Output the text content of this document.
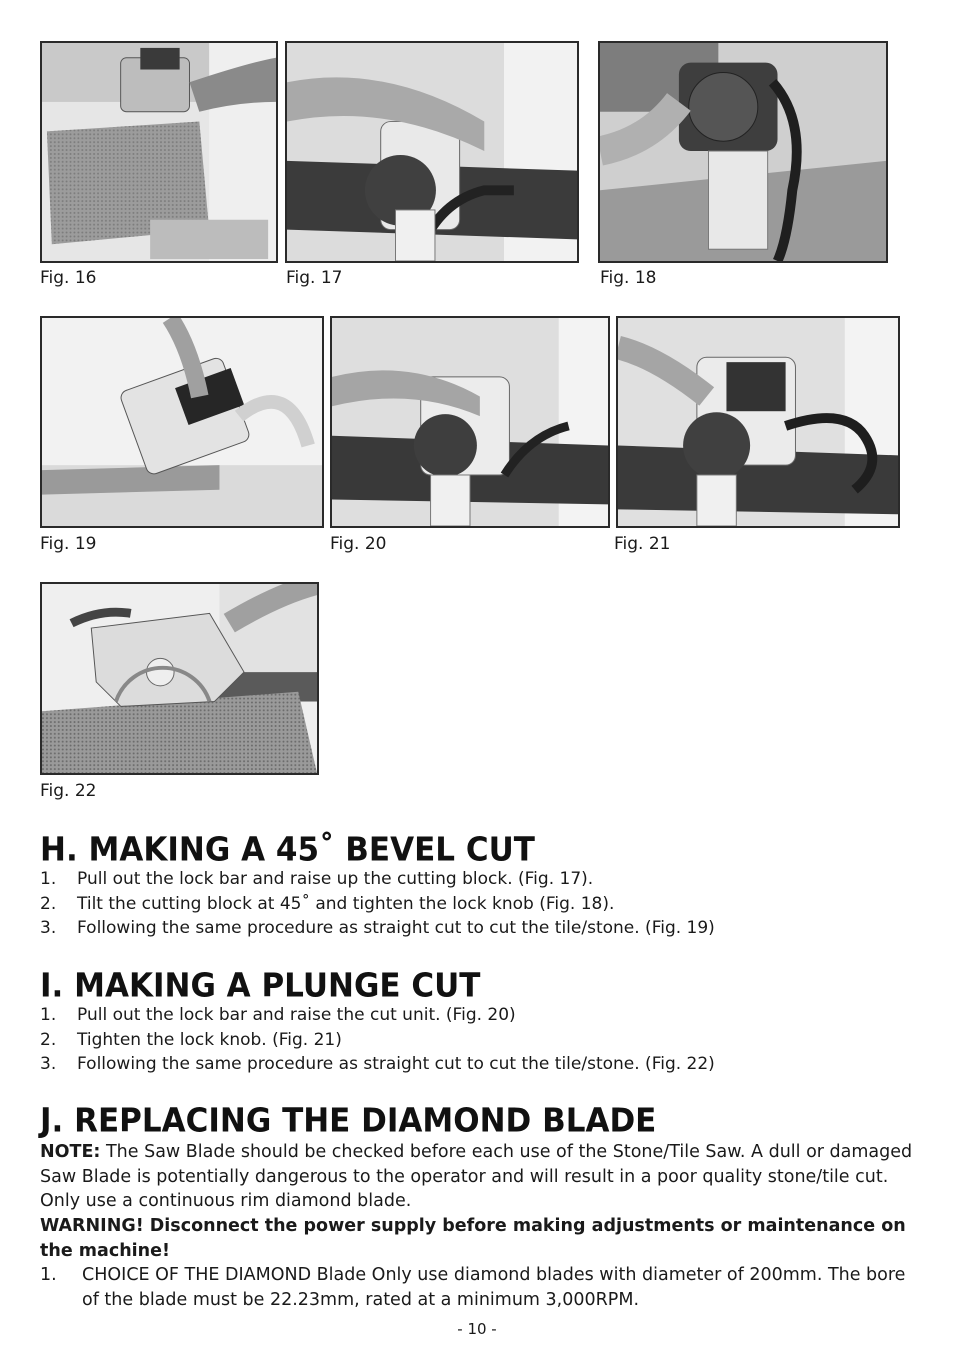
Fig. 16	Fig. 17	Fig. 18
Fig. 19	Fig. 20	Fig. 21
Fig. 22
H. MAKING A 45˚ BEVEL CUT
1.	Pull out the lock bar and raise up the cutting block. (Fig. 17).
2.	Tilt the cutting block at 45˚ and tighten the lock knob (Fig. 18).
3.	Following the same procedure as straight cut to cut the tile/stone. (Fig. 19)
I. MAKING A PLUNGE CUT
1.	Pull out the lock bar and raise the cut unit. (Fig. 20)
2.	Tighten the lock knob. (Fig. 21)
3.	Following the same procedure as straight cut to cut the tile/stone. (Fig. 22)
J. REPLACING THE DIAMOND BLADE
NOTE: The Saw Blade should be checked before each use of the Stone/Tile Saw. A dull or damaged Saw Blade is potentially dangerous to the operator and will result in a poor quality stone/tile cut. Only use a continuous rim diamond blade.
WARNING! Disconnect the power supply before making adjustments or maintenance on the machine!
1.	CHOICE OF THE DIAMOND Blade Only use diamond blades with diameter of 200mm. The bore of the blade must be 22.23mm, rated at a minimum 3,000RPM.
- 10 -
